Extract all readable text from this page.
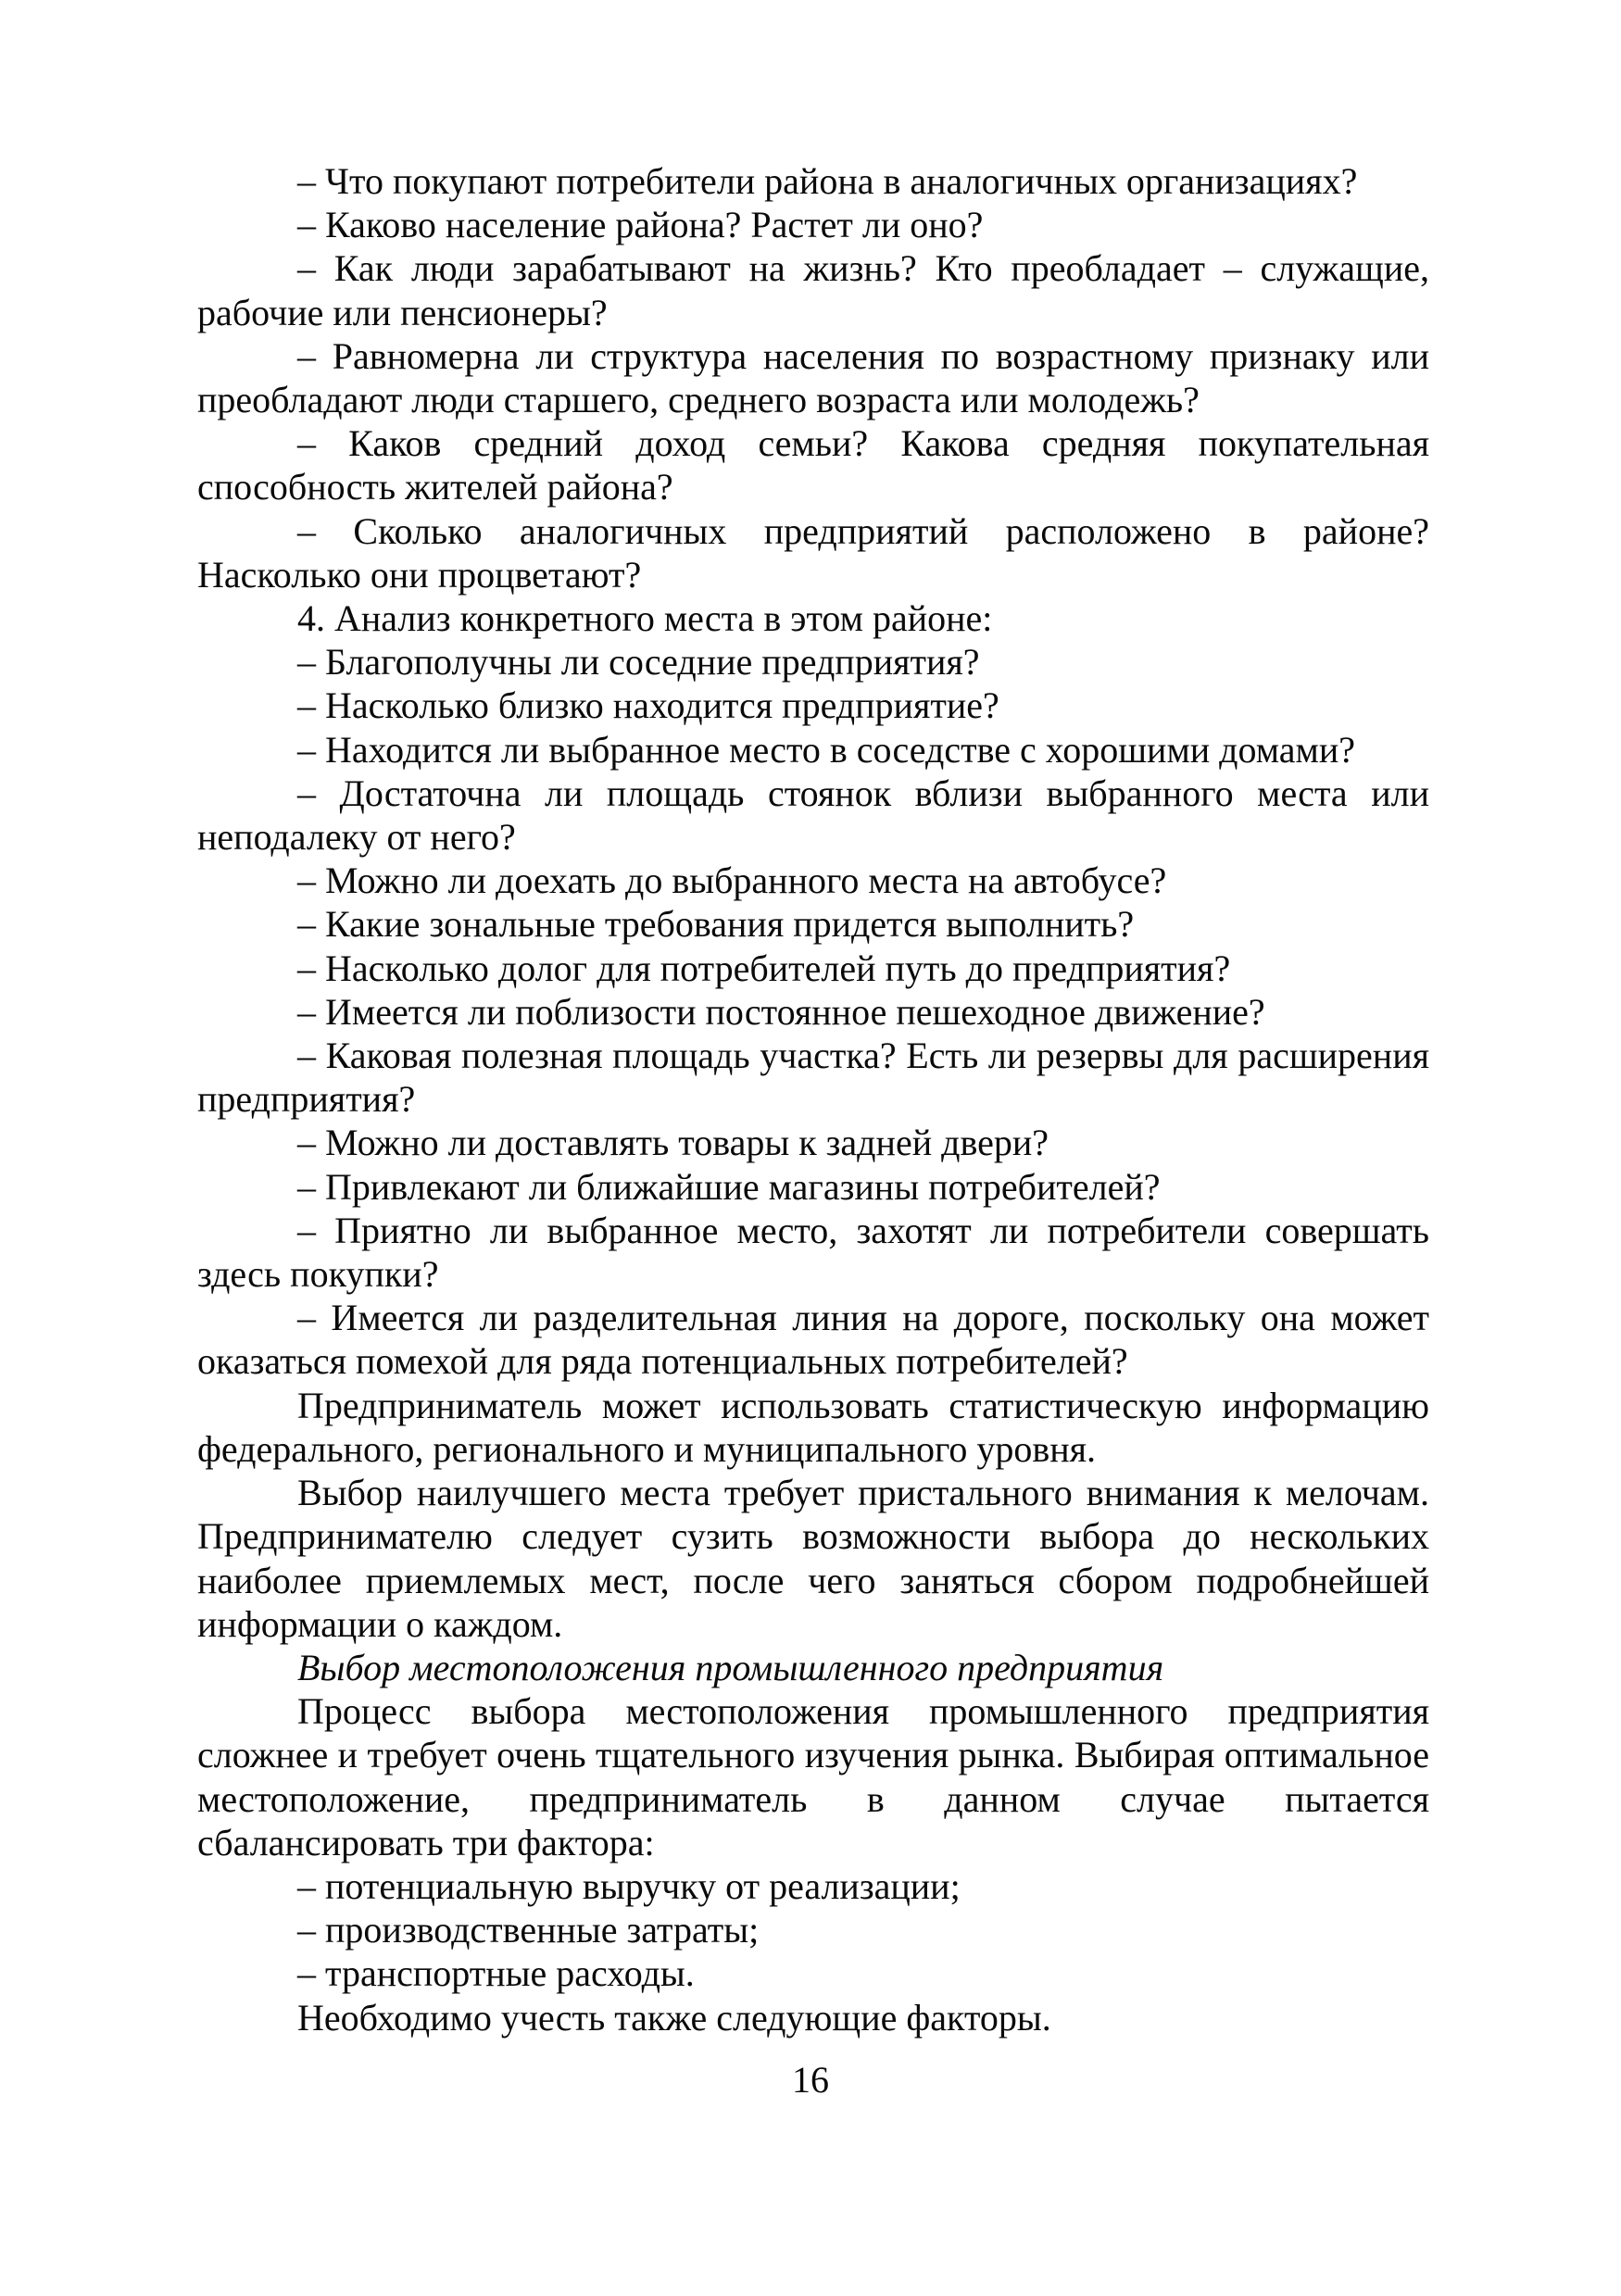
– Что покупают потребители района в аналогичных организациях?

– Каково население района? Растет ли оно?

– Как люди зарабатывают на жизнь? Кто преобладает – служащие, рабочие или пенсионеры?

– Равномерна ли структура населения по возрастному признаку или преобладают люди старшего, среднего возраста или молодежь?

– Каков средний доход семьи? Какова средняя покупательная способность жителей района?

– Сколько аналогичных предприятий расположено в районе? Насколько они процветают?

4. Анализ конкретного места в этом районе:

– Благополучны ли соседние предприятия?

– Насколько близко находится предприятие?

– Находится ли выбранное место в соседстве с хорошими домами?

– Достаточна ли площадь стоянок вблизи выбранного места или неподалеку от него?

– Можно ли доехать до выбранного места на автобусе?

– Какие зональные требования придется выполнить?

– Насколько долог для потребителей путь до предприятия?

– Имеется ли поблизости постоянное пешеходное движение?

– Каковая полезная площадь участка? Есть ли резервы для расширения предприятия?

– Можно ли доставлять товары к задней двери?

– Привлекают ли ближайшие магазины потребителей?

– Приятно ли выбранное место, захотят ли потребители совершать здесь покупки?

– Имеется ли разделительная линия на дороге, поскольку она может оказаться помехой для ряда потенциальных потребителей?

Предприниматель может использовать статистическую информацию федерального, регионального и муниципального уровня.

Выбор наилучшего места требует пристального внимания к мелочам. Предпринимателю следует сузить возможности выбора до нескольких наиболее приемлемых мест, после чего заняться сбором подробнейшей информации о каждом.

Выбор местоположения промышленного предприятия

Процесс выбора местоположения промышленного предприятия сложнее и требует очень тщательного изучения рынка. Выбирая оптимальное местоположение, предприниматель в данном случае пытается сбалансировать три фактора:

– потенциальную выручку от реализации;

– производственные затраты;

– транспортные расходы.

Необходимо учесть также следующие факторы.

16
